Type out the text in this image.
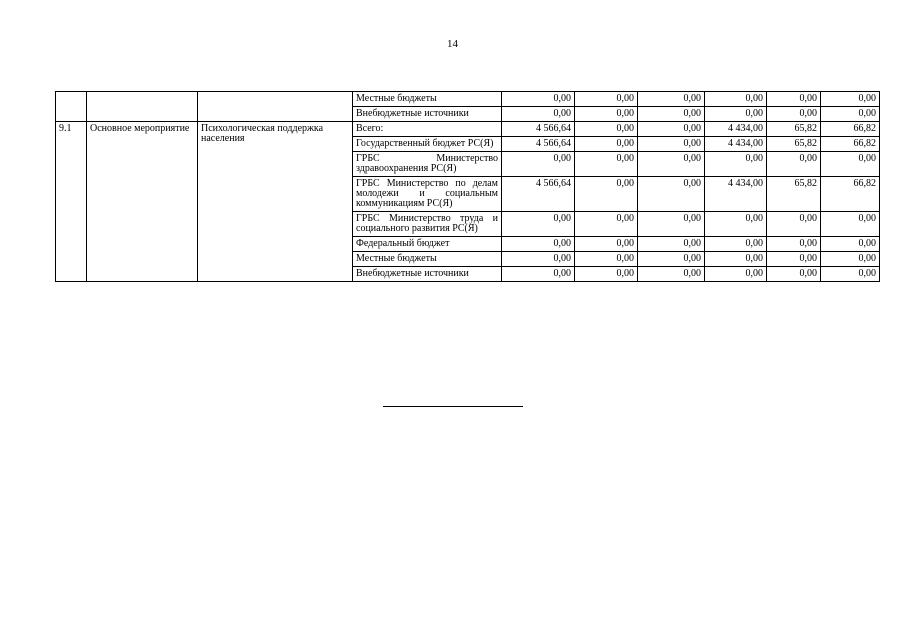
14
			Местные бюджеты	0,00	0,00	0,00	0,00	0,00	0,00
			Внебюджетные источники	0,00	0,00	0,00	0,00	0,00	0,00
9.1	Основное мероприятие	Психологическая поддержка населения	Всего:	4 566,64	0,00	0,00	4 434,00	65,82	66,82
			Государственный бюджет РС(Я)	4 566,64	0,00	0,00	4 434,00	65,82	66,82
			ГРБС Министерство здравоохранения РС(Я)	0,00	0,00	0,00	0,00	0,00	0,00
			ГРБС Министерство по делам молодежи и социальным коммуникациям РС(Я)	4 566,64	0,00	0,00	4 434,00	65,82	66,82
			ГРБС Министерство труда и социального развития РС(Я)	0,00	0,00	0,00	0,00	0,00	0,00
			Федеральный бюджет	0,00	0,00	0,00	0,00	0,00	0,00
			Местные бюджеты	0,00	0,00	0,00	0,00	0,00	0,00
			Внебюджетные источники	0,00	0,00	0,00	0,00	0,00	0,00
